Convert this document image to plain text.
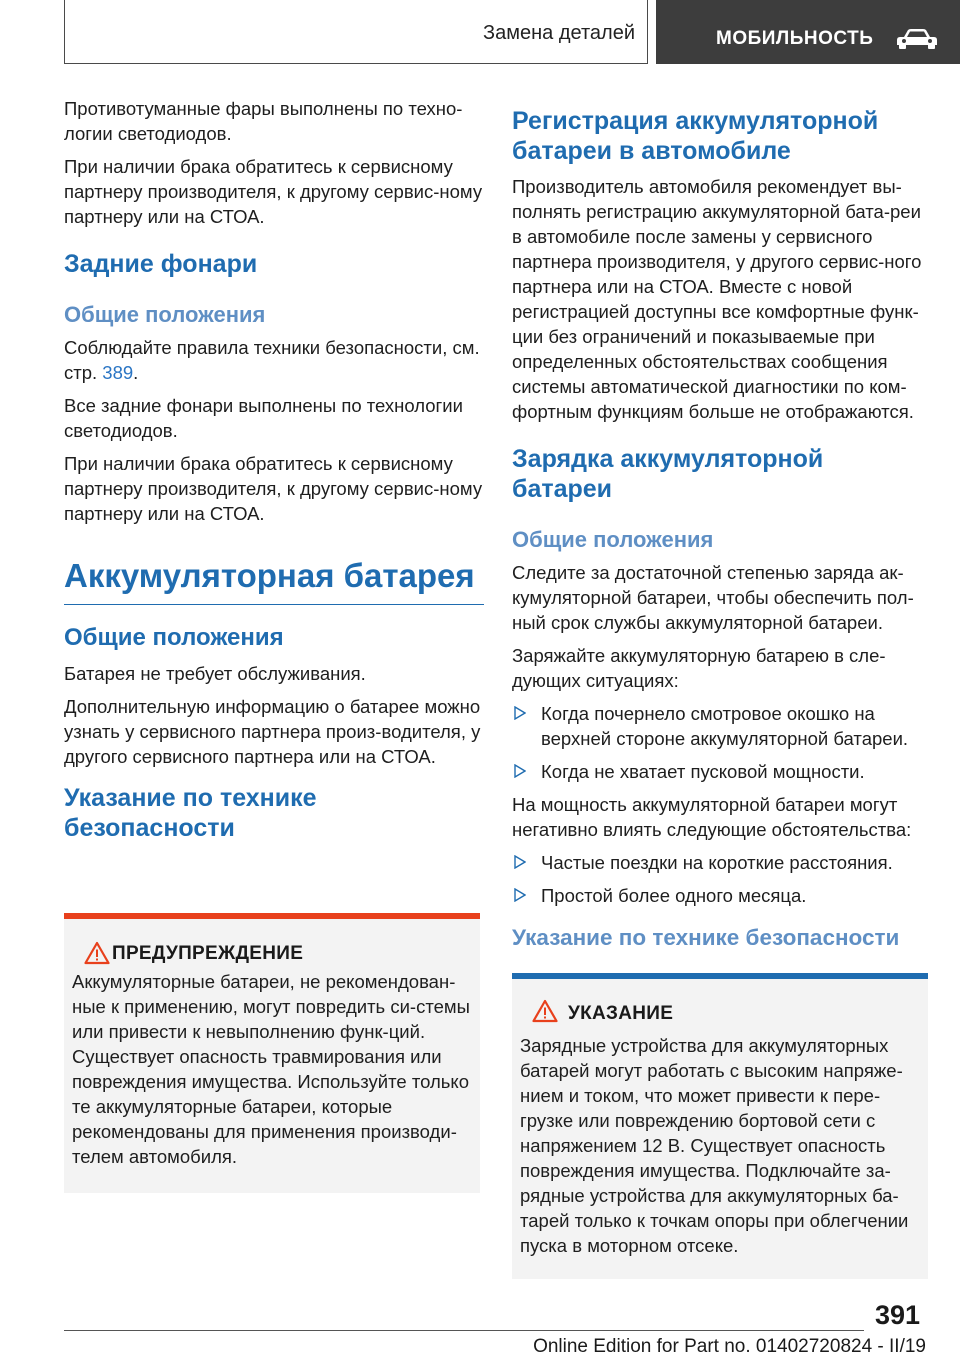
Замена деталей	МОБИЛЬНОСТЬ

Противотуманные фары выполнены по техно-
логии светодиодов.

При наличии брака обратитесь к сервисному партнеру производителя, к другому сервис-ному партнеру или на СТОА.

Задние фонари
Общие положения

Соблюдайте правила техники безопасности, см. стр. 389.

Все задние фонари выполнены по технологии светодиодов.

При наличии брака обратитесь к сервисному партнеру производителя, к другому сервис-ному партнеру или на СТОА.

Аккумуляторная батарея
Общие положения

Батарея не требует обслуживания.

Дополнительную информацию о батарее можно узнать у сервисного партнера произ-водителя, у другого сервисного партнера или на СТОА.

Указание по технике безопасности
ПРЕДУПРЕЖДЕНИЕ

Аккумуляторные батареи, не рекомендован-ные к применению, могут повредить си-стемы или привести к невыполнению функ-ций. Существует опасность травмирования или повреждения имущества. Используйте только те аккумуляторные батареи, которые рекомендованы для применения производи-телем автомобиля.

Регистрация аккумуляторной батареи в автомобиле

Производитель автомобиля рекомендует вы-полнять регистрацию аккумуляторной бата-реи в автомобиле после замены у сервисного партнера производителя, у другого сервис-ного партнера или на СТОА. Вместе с новой регистрацией доступны все комфортные функ-ции без ограничений и показываемые при определенных обстоятельствах сообщения системы автоматической диагностики по ком-фортным функциям больше не отображаются.

Зарядка аккумуляторной батареи
Общие положения

Следите за достаточной степенью заряда ак-кумуляторной батареи, чтобы обеспечить пол-ный срок службы аккумуляторной батареи.

Заряжайте аккумуляторную батарею в сле-дующих ситуациях:

Когда почернело смотровое окошко на верхней стороне аккумуляторной батареи.
Когда не хватает пусковой мощности.

На мощность аккумуляторной батареи могут негативно влиять следующие обстоятельства:

Частые поездки на короткие расстояния.
Простой более одного месяца.
Указание по технике безопасности
УКАЗАНИЕ

Зарядные устройства для аккумуляторных батарей могут работать с высоким напряже-нием и током, что может привести к пере-грузке или повреждению бортовой сети с напряжением 12 В. Существует опасность повреждения имущества. Подключайте за-рядные устройства для аккумуляторных ба-тарей только к точкам опоры при облегчении пуска в моторном отсеке.

391
Online Edition for Part no. 01402720824 - II/19
